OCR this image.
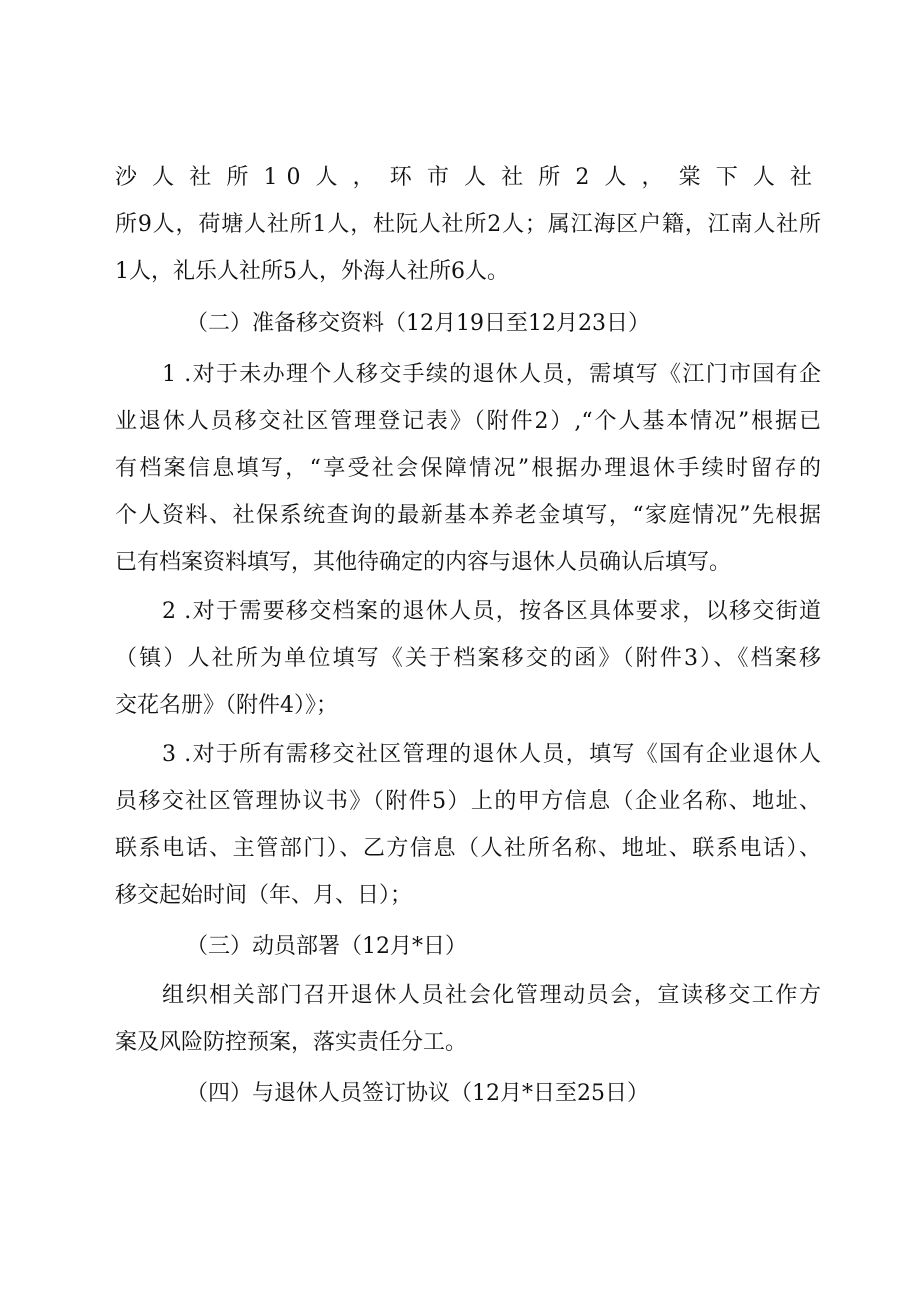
沙人社所10人，环市人社所2人，棠下人社
所9人，荷塘人社所1人，杜阮人社所2人；属江海区户籍，江南人社所
1人，礼乐人社所5人，外海人社所6人。
（二）准备移交资料（12月19日至12月23日）
1 .对于未办理个人移交手续的退休人员，需填写《江门市国有企
业退休人员移交社区管理登记表》（附件2）,“个人基本情况”根据已
有档案信息填写，“享受社会保障情况”根据办理退休手续时留存的
个人资料、社保系统查询的最新基本养老金填写，“家庭情况”先根据
已有档案资料填写，其他待确定的内容与退休人员确认后填写。
2 .对于需要移交档案的退休人员，按各区具体要求，以移交街道
（镇）人社所为单位填写《关于档案移交的函》（附件3）、《档案移
交花名册》（附件4）》；
3 .对于所有需移交社区管理的退休人员，填写《国有企业退休人
员移交社区管理协议书》（附件5）上的甲方信息（企业名称、地址、
联系电话、主管部门）、乙方信息（人社所名称、地址、联系电话）、
移交起始时间（年、月、日）；
（三）动员部署（12月*日）
组织相关部门召开退休人员社会化管理动员会，宣读移交工作方
案及风险防控预案，落实责任分工。
（四）与退休人员签订协议（12月*日至25日）
